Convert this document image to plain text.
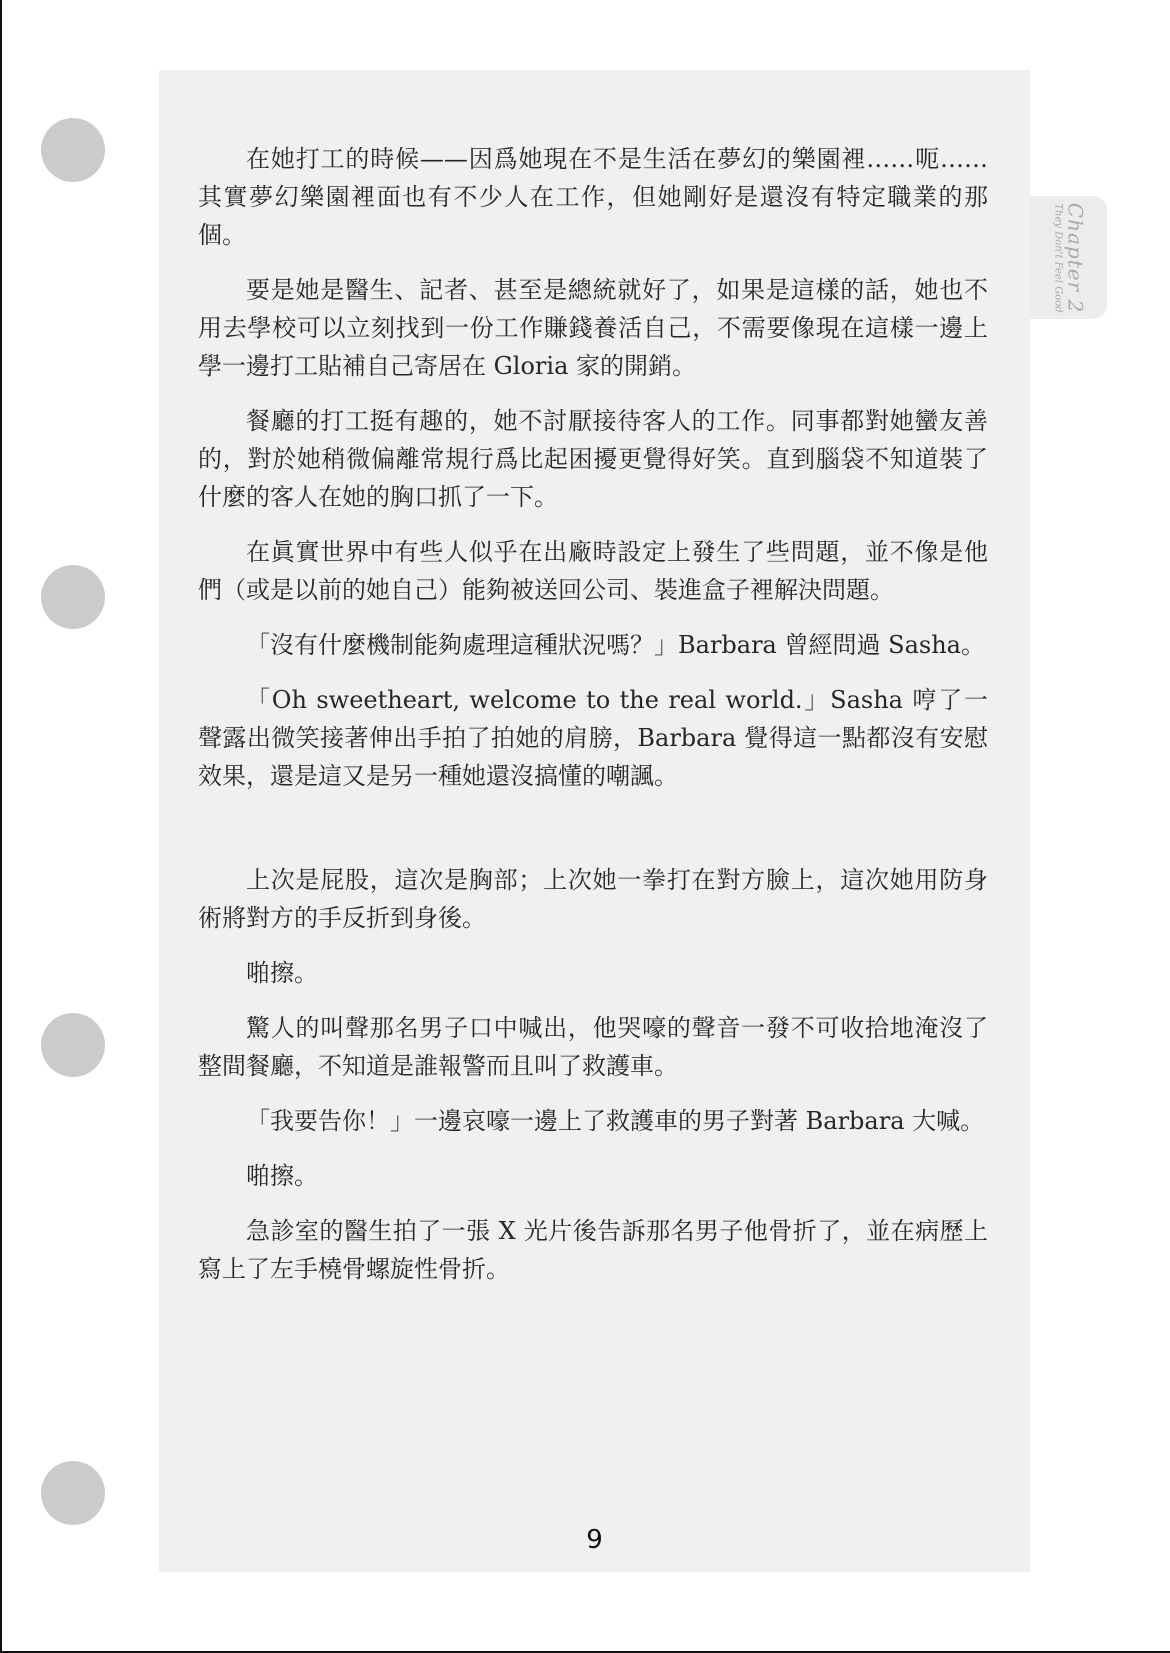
Chapter 2
They Don't Feel Good

在她打工的時候——因爲她現在不是生活在夢幻的樂園裡……呃……其實夢幻樂園裡面也有不少人在工作，但她剛好是還沒有特定職業的那個。

要是她是醫生、記者、甚至是總統就好了，如果是這樣的話，她也不用去學校可以立刻找到一份工作賺錢養活自己，不需要像現在這樣一邊上學一邊打工貼補自己寄居在 Gloria 家的開銷。

餐廳的打工挺有趣的，她不討厭接待客人的工作。同事都對她蠻友善的，對於她稍微偏離常規行爲比起困擾更覺得好笑。直到腦袋不知道裝了什麼的客人在她的胸口抓了一下。

在眞實世界中有些人似乎在出廠時設定上發生了些問題，並不像是他們（或是以前的她自己）能夠被送回公司、裝進盒子裡解決問題。

「沒有什麼機制能夠處理這種狀況嗎？」Barbara 曾經問過 Sasha。

「Oh sweetheart, welcome to the real world.」Sasha 哼了一聲露出微笑接著伸出手拍了拍她的肩膀，Barbara 覺得這一點都沒有安慰效果，還是這又是另一種她還沒搞懂的嘲諷。

上次是屁股，這次是胸部；上次她一拳打在對方臉上，這次她用防身術將對方的手反折到身後。

啪擦。

驚人的叫聲那名男子口中喊出，他哭嚎的聲音一發不可收拾地淹沒了整間餐廳，不知道是誰報警而且叫了救護車。

「我要告你！」一邊哀嚎一邊上了救護車的男子對著 Barbara 大喊。

啪擦。

急診室的醫生拍了一張 X 光片後告訴那名男子他骨折了，並在病歷上寫上了左手橈骨螺旋性骨折。

9
